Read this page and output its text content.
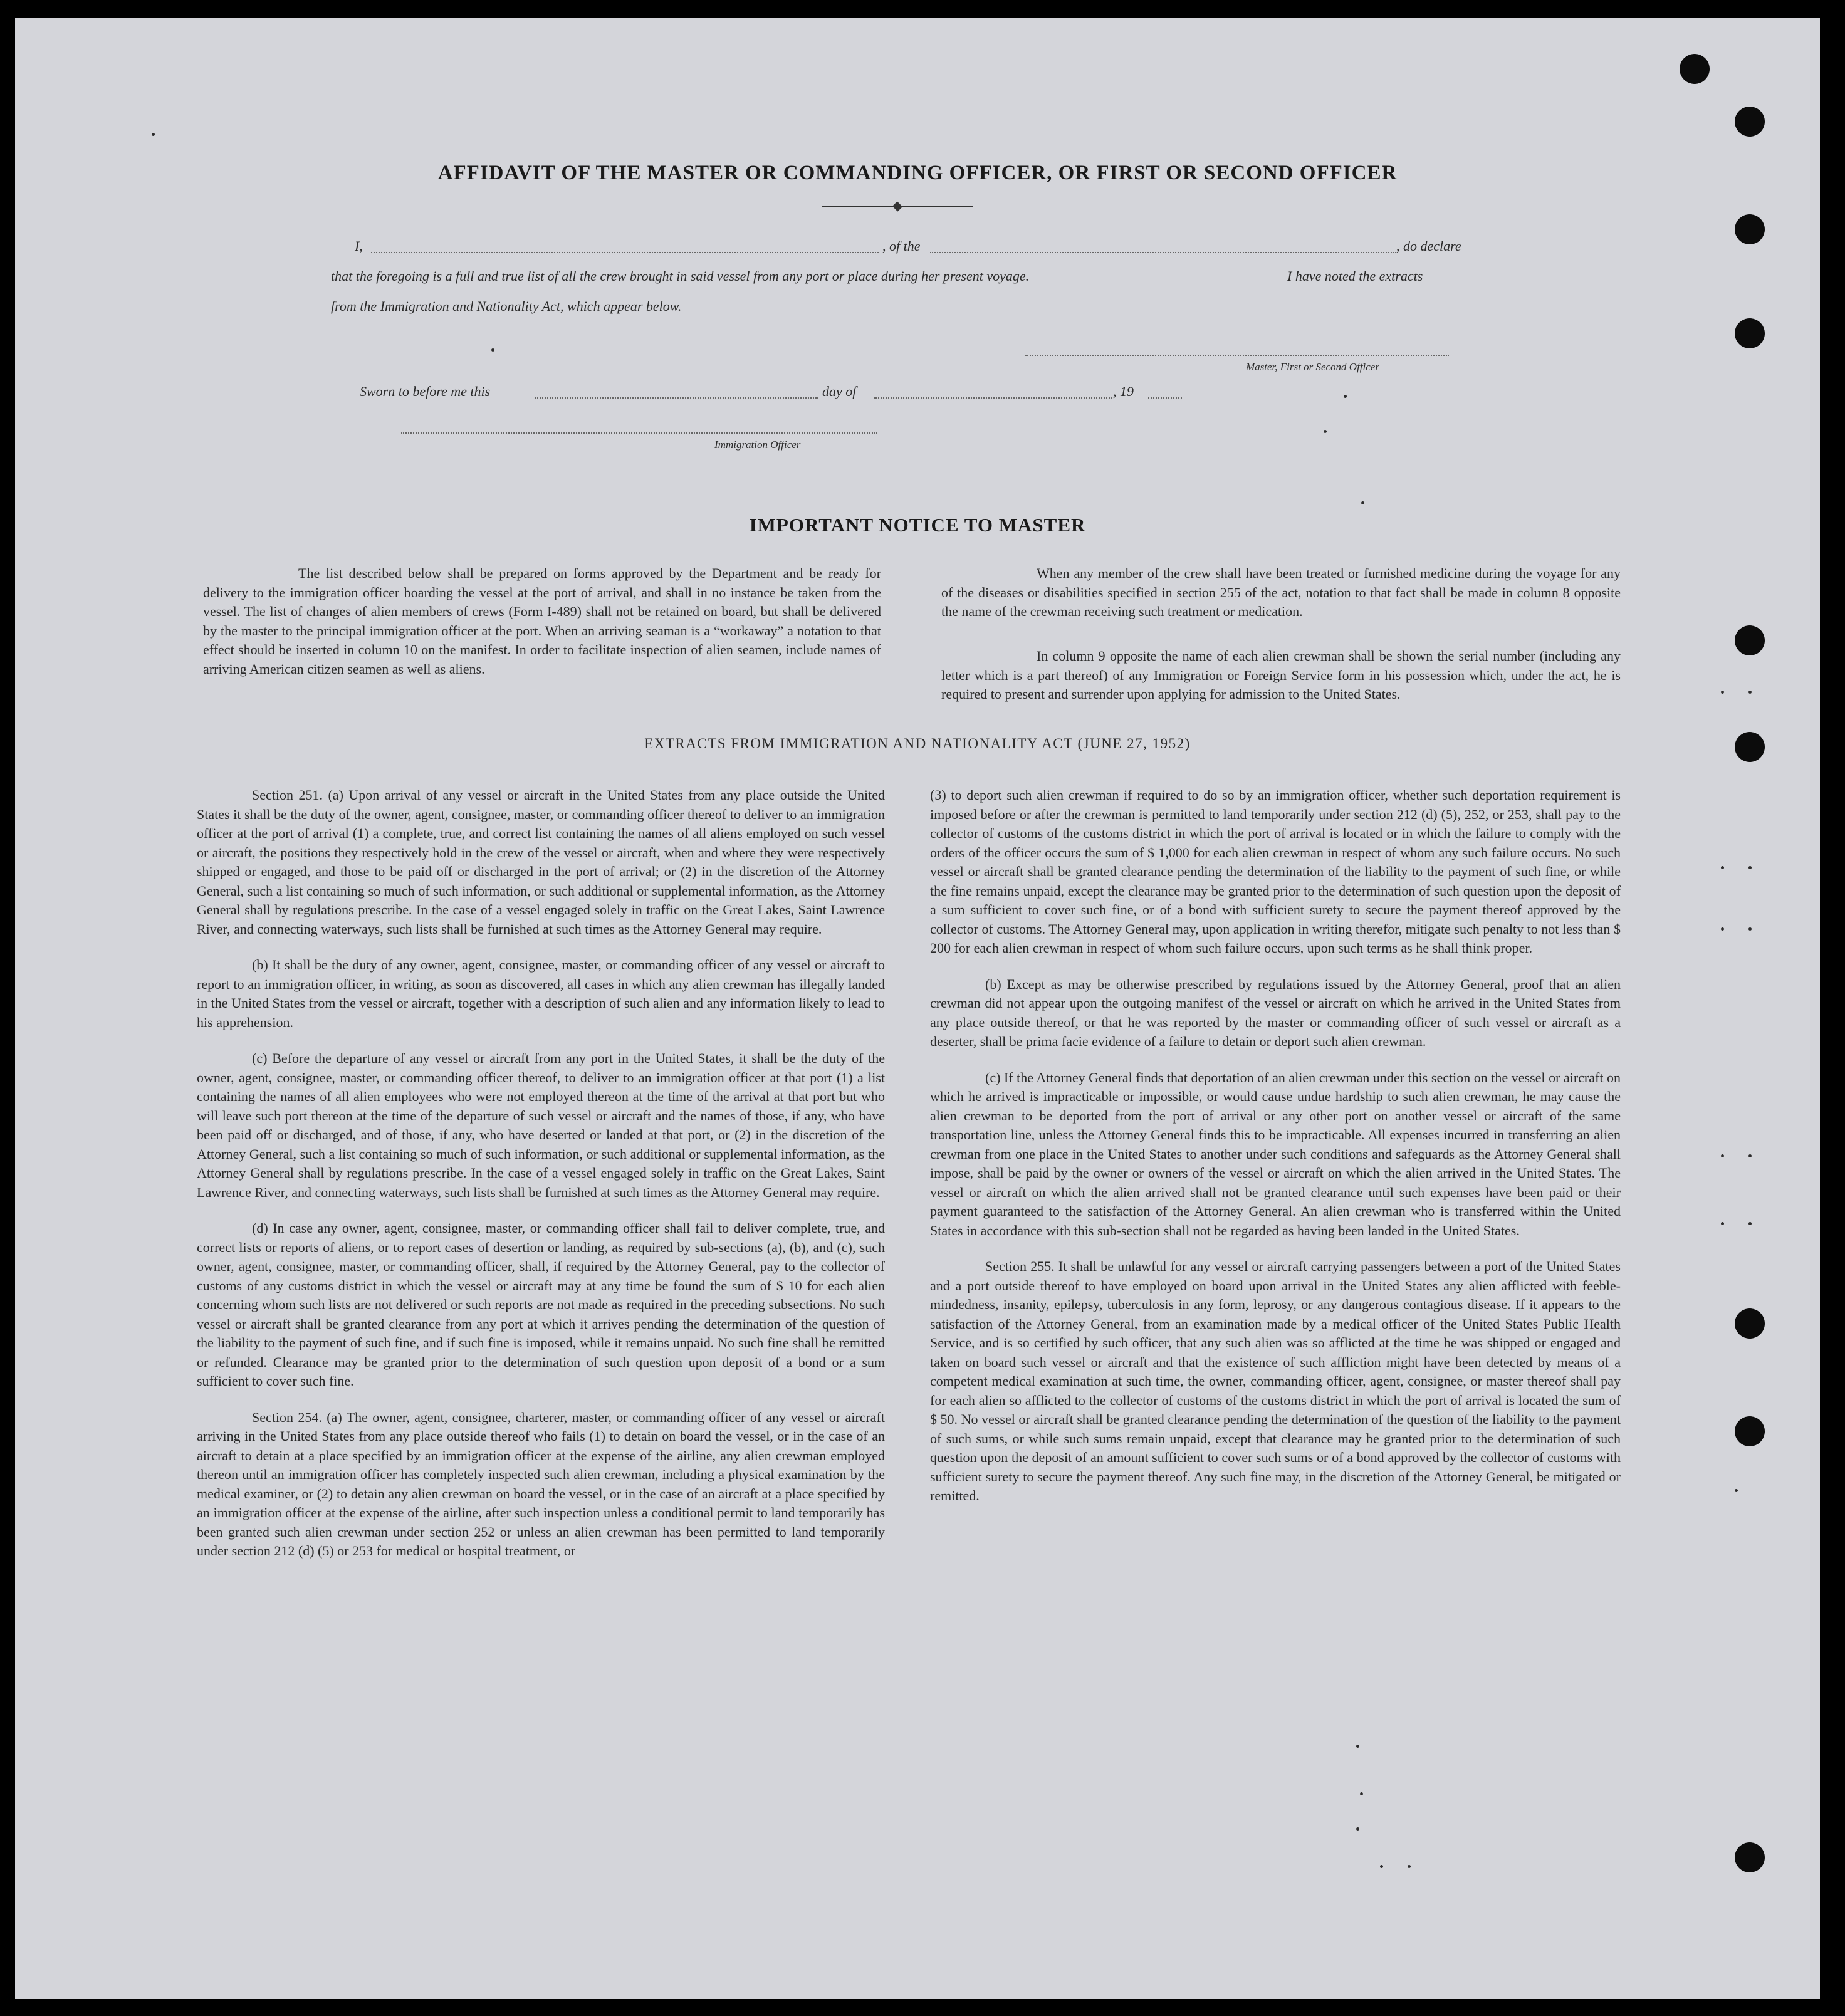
AFFIDAVIT OF THE MASTER OR COMMANDING OFFICER, OR FIRST OR SECOND OFFICER
I,	, of the	, do declare
that the foregoing is a full and true list of all the crew brought in said vessel from any port or place during her present voyage.	I have noted the extracts
from the Immigration and Nationality Act, which appear below.
Master, First or Second Officer
Sworn to before me this	day of	, 19
Immigration Officer
IMPORTANT NOTICE TO MASTER

The list described below shall be prepared on forms approved by the Department and be ready for delivery to the immigration officer boarding the vessel at the port of arrival, and shall in no instance be taken from the vessel. The list of changes of alien members of crews (Form I-489) shall not be retained on board, but shall be delivered by the master to the principal immigration officer at the port. When an arriving seaman is a “workaway” a notation to that effect should be inserted in column 10 on the manifest. In order to facilitate inspection of alien seamen, include names of arriving American citizen seamen as well as aliens.

When any member of the crew shall have been treated or furnished medicine during the voyage for any of the diseases or disabilities specified in section 255 of the act, notation to that fact shall be made in column 8 opposite the name of the crewman receiving such treatment or medication.

In column 9 opposite the name of each alien crewman shall be shown the serial number (including any letter which is a part thereof) of any Immigration or Foreign Service form in his possession which, under the act, he is required to present and surrender upon applying for admission to the United States.

EXTRACTS FROM IMMIGRATION AND NATIONALITY ACT (JUNE 27, 1952)

Section 251. (a) Upon arrival of any vessel or aircraft in the United States from any place outside the United States it shall be the duty of the owner, agent, consignee, master, or commanding officer thereof to deliver to an immigration officer at the port of arrival (1) a complete, true, and correct list containing the names of all aliens employed on such vessel or aircraft, the positions they respectively hold in the crew of the vessel or aircraft, when and where they were respectively shipped or engaged, and those to be paid off or discharged in the port of arrival; or (2) in the discretion of the Attorney General, such a list containing so much of such information, or such additional or supplemental information, as the Attorney General shall by regulations prescribe. In the case of a vessel engaged solely in traffic on the Great Lakes, Saint Lawrence River, and connecting waterways, such lists shall be furnished at such times as the Attorney General may require.

(b) It shall be the duty of any owner, agent, consignee, master, or commanding officer of any vessel or aircraft to report to an immigration officer, in writing, as soon as discovered, all cases in which any alien crewman has illegally landed in the United States from the vessel or aircraft, together with a description of such alien and any information likely to lead to his apprehension.

(c) Before the departure of any vessel or aircraft from any port in the United States, it shall be the duty of the owner, agent, consignee, master, or commanding officer thereof, to deliver to an immigration officer at that port (1) a list containing the names of all alien employees who were not employed thereon at the time of the arrival at that port but who will leave such port thereon at the time of the departure of such vessel or aircraft and the names of those, if any, who have been paid off or discharged, and of those, if any, who have deserted or landed at that port, or (2) in the discretion of the Attorney General, such a list containing so much of such information, or such additional or supplemental information, as the Attorney General shall by regulations prescribe. In the case of a vessel engaged solely in traffic on the Great Lakes, Saint Lawrence River, and connecting waterways, such lists shall be furnished at such times as the Attorney General may require.

(d) In case any owner, agent, consignee, master, or commanding officer shall fail to deliver complete, true, and correct lists or reports of aliens, or to report cases of desertion or landing, as required by sub-sections (a), (b), and (c), such owner, agent, consignee, master, or commanding officer, shall, if required by the Attorney General, pay to the collector of customs of any customs district in which the vessel or aircraft may at any time be found the sum of $ 10 for each alien concerning whom such lists are not delivered or such reports are not made as required in the preceding subsections. No such vessel or aircraft shall be granted clearance from any port at which it arrives pending the determination of the question of the liability to the payment of such fine, and if such fine is imposed, while it remains unpaid. No such fine shall be remitted or refunded. Clearance may be granted prior to the determination of such question upon deposit of a bond or a sum sufficient to cover such fine.

Section 254. (a) The owner, agent, consignee, charterer, master, or commanding officer of any vessel or aircraft arriving in the United States from any place outside thereof who fails (1) to detain on board the vessel, or in the case of an aircraft to detain at a place specified by an immigration officer at the expense of the airline, any alien crewman employed thereon until an immigration officer has completely inspected such alien crewman, including a physical examination by the medical examiner, or (2) to detain any alien crewman on board the vessel, or in the case of an aircraft at a place specified by an immigration officer at the expense of the airline, after such inspection unless a conditional permit to land temporarily has been granted such alien crewman under section 252 or unless an alien crewman has been permitted to land temporarily under section 212 (d) (5) or 253 for medical or hospital treatment, or

(3) to deport such alien crewman if required to do so by an immigration officer, whether such deportation requirement is imposed before or after the crewman is permitted to land temporarily under section 212 (d) (5), 252, or 253, shall pay to the collector of customs of the customs district in which the port of arrival is located or in which the failure to comply with the orders of the officer occurs the sum of $ 1,000 for each alien crewman in respect of whom any such failure occurs. No such vessel or aircraft shall be granted clearance pending the determination of the liability to the payment of such fine, or while the fine remains unpaid, except the clearance may be granted prior to the determination of such question upon the deposit of a sum sufficient to cover such fine, or of a bond with sufficient surety to secure the payment thereof approved by the collector of customs. The Attorney General may, upon application in writing therefor, mitigate such penalty to not less than $ 200 for each alien crewman in respect of whom such failure occurs, upon such terms as he shall think proper.

(b) Except as may be otherwise prescribed by regulations issued by the Attorney General, proof that an alien crewman did not appear upon the outgoing manifest of the vessel or aircraft on which he arrived in the United States from any place outside thereof, or that he was reported by the master or commanding officer of such vessel or aircraft as a deserter, shall be prima facie evidence of a failure to detain or deport such alien crewman.

(c) If the Attorney General finds that deportation of an alien crewman under this section on the vessel or aircraft on which he arrived is impracticable or impossible, or would cause undue hardship to such alien crewman, he may cause the alien crewman to be deported from the port of arrival or any other port on another vessel or aircraft of the same transportation line, unless the Attorney General finds this to be impracticable. All expenses incurred in transferring an alien crewman from one place in the United States to another under such conditions and safeguards as the Attorney General shall impose, shall be paid by the owner or owners of the vessel or aircraft on which the alien arrived in the United States. The vessel or aircraft on which the alien arrived shall not be granted clearance until such expenses have been paid or their payment guaranteed to the satisfaction of the Attorney General. An alien crewman who is transferred within the United States in accordance with this sub-section shall not be regarded as having been landed in the United States.

Section 255. It shall be unlawful for any vessel or aircraft carrying passengers between a port of the United States and a port outside thereof to have employed on board upon arrival in the United States any alien afflicted with feeble-mindedness, insanity, epilepsy, tuberculosis in any form, leprosy, or any dangerous contagious disease. If it appears to the satisfaction of the Attorney General, from an examination made by a medical officer of the United States Public Health Service, and is so certified by such officer, that any such alien was so afflicted at the time he was shipped or engaged and taken on board such vessel or aircraft and that the existence of such affliction might have been detected by means of a competent medical examination at such time, the owner, commanding officer, agent, consignee, or master thereof shall pay for each alien so afflicted to the collector of customs of the customs district in which the port of arrival is located the sum of $ 50. No vessel or aircraft shall be granted clearance pending the determination of the question of the liability to the payment of such sums, or while such sums remain unpaid, except that clearance may be granted prior to the determination of such question upon the deposit of an amount sufficient to cover such sums or of a bond approved by the collector of customs with sufficient surety to secure the payment thereof. Any such fine may, in the discretion of the Attorney General, be mitigated or remitted.
